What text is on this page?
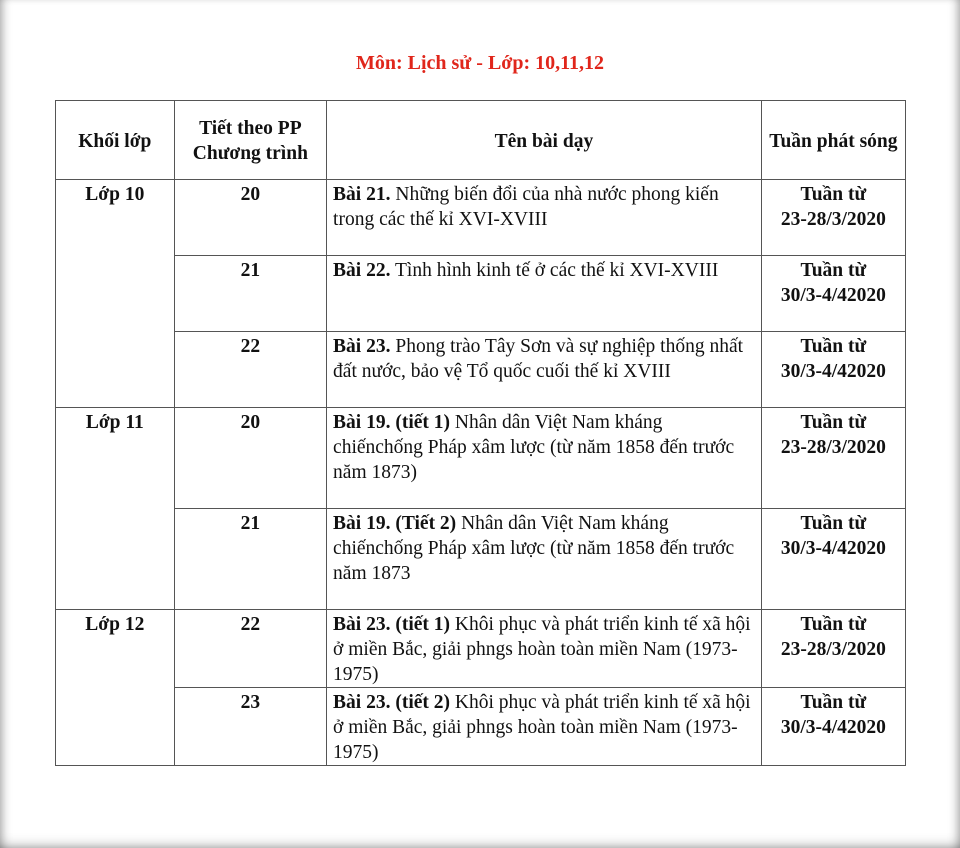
Môn: Lịch sử - Lớp: 10,11,12
Khối lớp	Tiết theo PP Chương trình	Tên bài dạy	Tuần phát sóng
Lớp 10	20	Bài 21. Những biến đổi của nhà nước phong kiến trong các thế kỉ XVI-XVIII	Tuần từ
23-28/3/2020

	21	Bài 22. Tình hình kinh tế ở các thế kỉ XVI-XVIII	Tuần từ
30/3-4/42020

	22	Bài 23. Phong trào Tây Sơn và sự nghiệp thống nhất đất nước, bảo vệ Tổ quốc cuối thế kỉ XVIII	Tuần từ
30/3-4/42020

Lớp 11	20	Bài 19. (tiết 1) Nhân dân Việt Nam kháng chiếnchống Pháp xâm lược (từ năm 1858 đến trước năm 1873)	Tuần từ
23-28/3/2020

	21	Bài 19. (Tiết 2) Nhân dân Việt Nam kháng chiếnchống Pháp xâm lược (từ năm 1858 đến trước năm 1873	Tuần từ
30/3-4/42020

Lớp 12	22	Bài 23. (tiết 1) Khôi phục và phát triển kinh tế xã hội ở miền Bắc, giải phngs hoàn toàn miền Nam (1973-1975)	Tuần từ
23-28/3/2020

	23	Bài 23. (tiết 2) Khôi phục và phát triển kinh tế xã hội ở miền Bắc, giải phngs hoàn toàn miền Nam (1973-1975)	Tuần từ
30/3-4/42020
